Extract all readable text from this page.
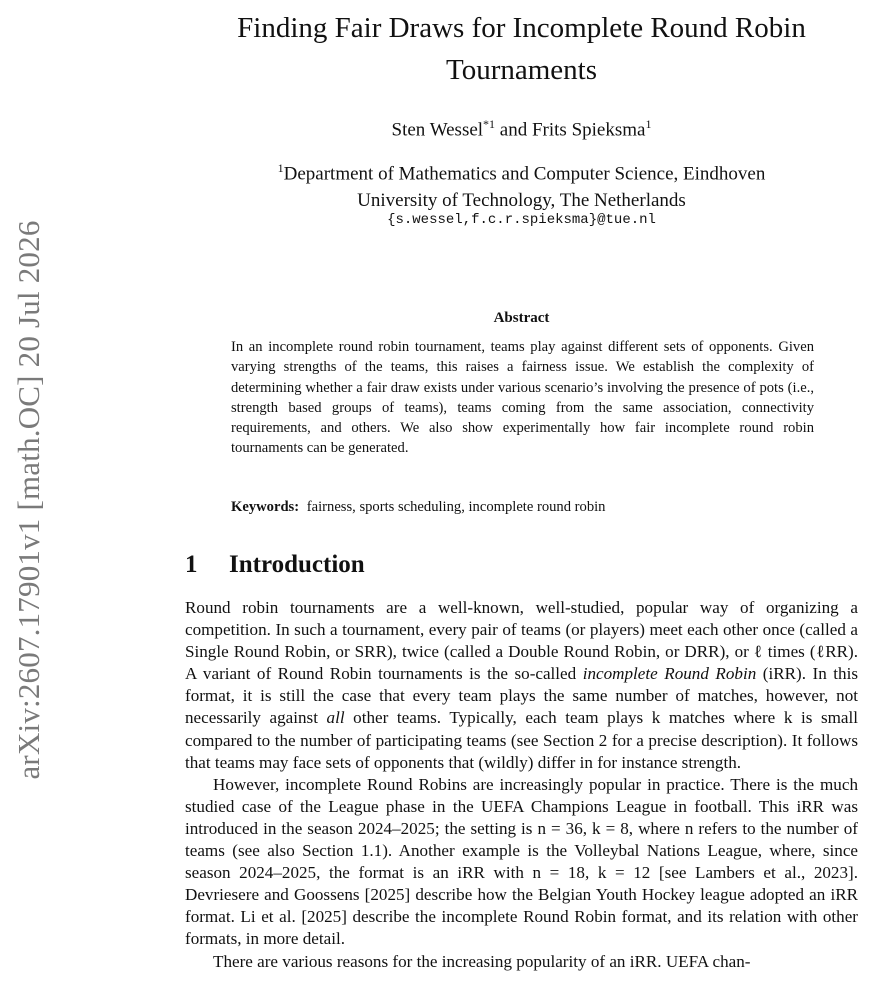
arXiv:2607.17901v1 [math.OC] 20 Jul 2026
Finding Fair Draws for Incomplete Round Robin
Tournaments
Sten Wessel$^{*1}$ and Frits Spieksma$^1$
$^1$Department of Mathematics and Computer Science, Eindhoven
University of Technology, The Netherlands
{s.wessel,f.c.r.spieksma}@tue.nl
Abstract
In an incomplete round robin tournament, teams play against different sets of opponents. Given varying strengths of the teams, this raises a fairness issue. We establish the complexity of determining whether a fair draw exists under various scenario’s involving the presence of pots (i.e., strength based groups of teams), teams coming from the same association, connectivity requirements, and others. We also show experimentally how fair incomplete round robin tournaments can be generated.
Keywords: fairness, sports scheduling, incomplete round robin
1 Introduction

Round robin tournaments are a well-known, well-studied, popular way of organizing a competition. In such a tournament, every pair of teams (or players) meet each other once (called a Single Round Robin, or SRR), twice (called a Double Round Robin, or DRR), or ℓ times (ℓRR). A variant of Round Robin tournaments is the so-called incomplete Round Robin (iRR). In this format, it is still the case that every team plays the same number of matches, however, not necessarily against all other teams. Typically, each team plays k matches where k is small compared to the number of participating teams (see Section 2 for a precise description). It follows that teams may face sets of opponents that (wildly) differ in for instance strength.

However, incomplete Round Robins are increasingly popular in practice. There is the much studied case of the League phase in the UEFA Champions League in football. This iRR was introduced in the season 2024–2025; the setting is n = 36, k = 8, where n refers to the number of teams (see also Section 1.1). Another example is the Volleybal Nations League, where, since season 2024–2025, the format is an iRR with n = 18, k = 12 [see Lambers et al., 2023]. Devriesere and Goossens [2025] describe how the Belgian Youth Hockey league adopted an iRR format. Li et al. [2025] describe the incomplete Round Robin format, and its relation with other formats, in more detail.

There are various reasons for the increasing popularity of an iRR. UEFA chan-
